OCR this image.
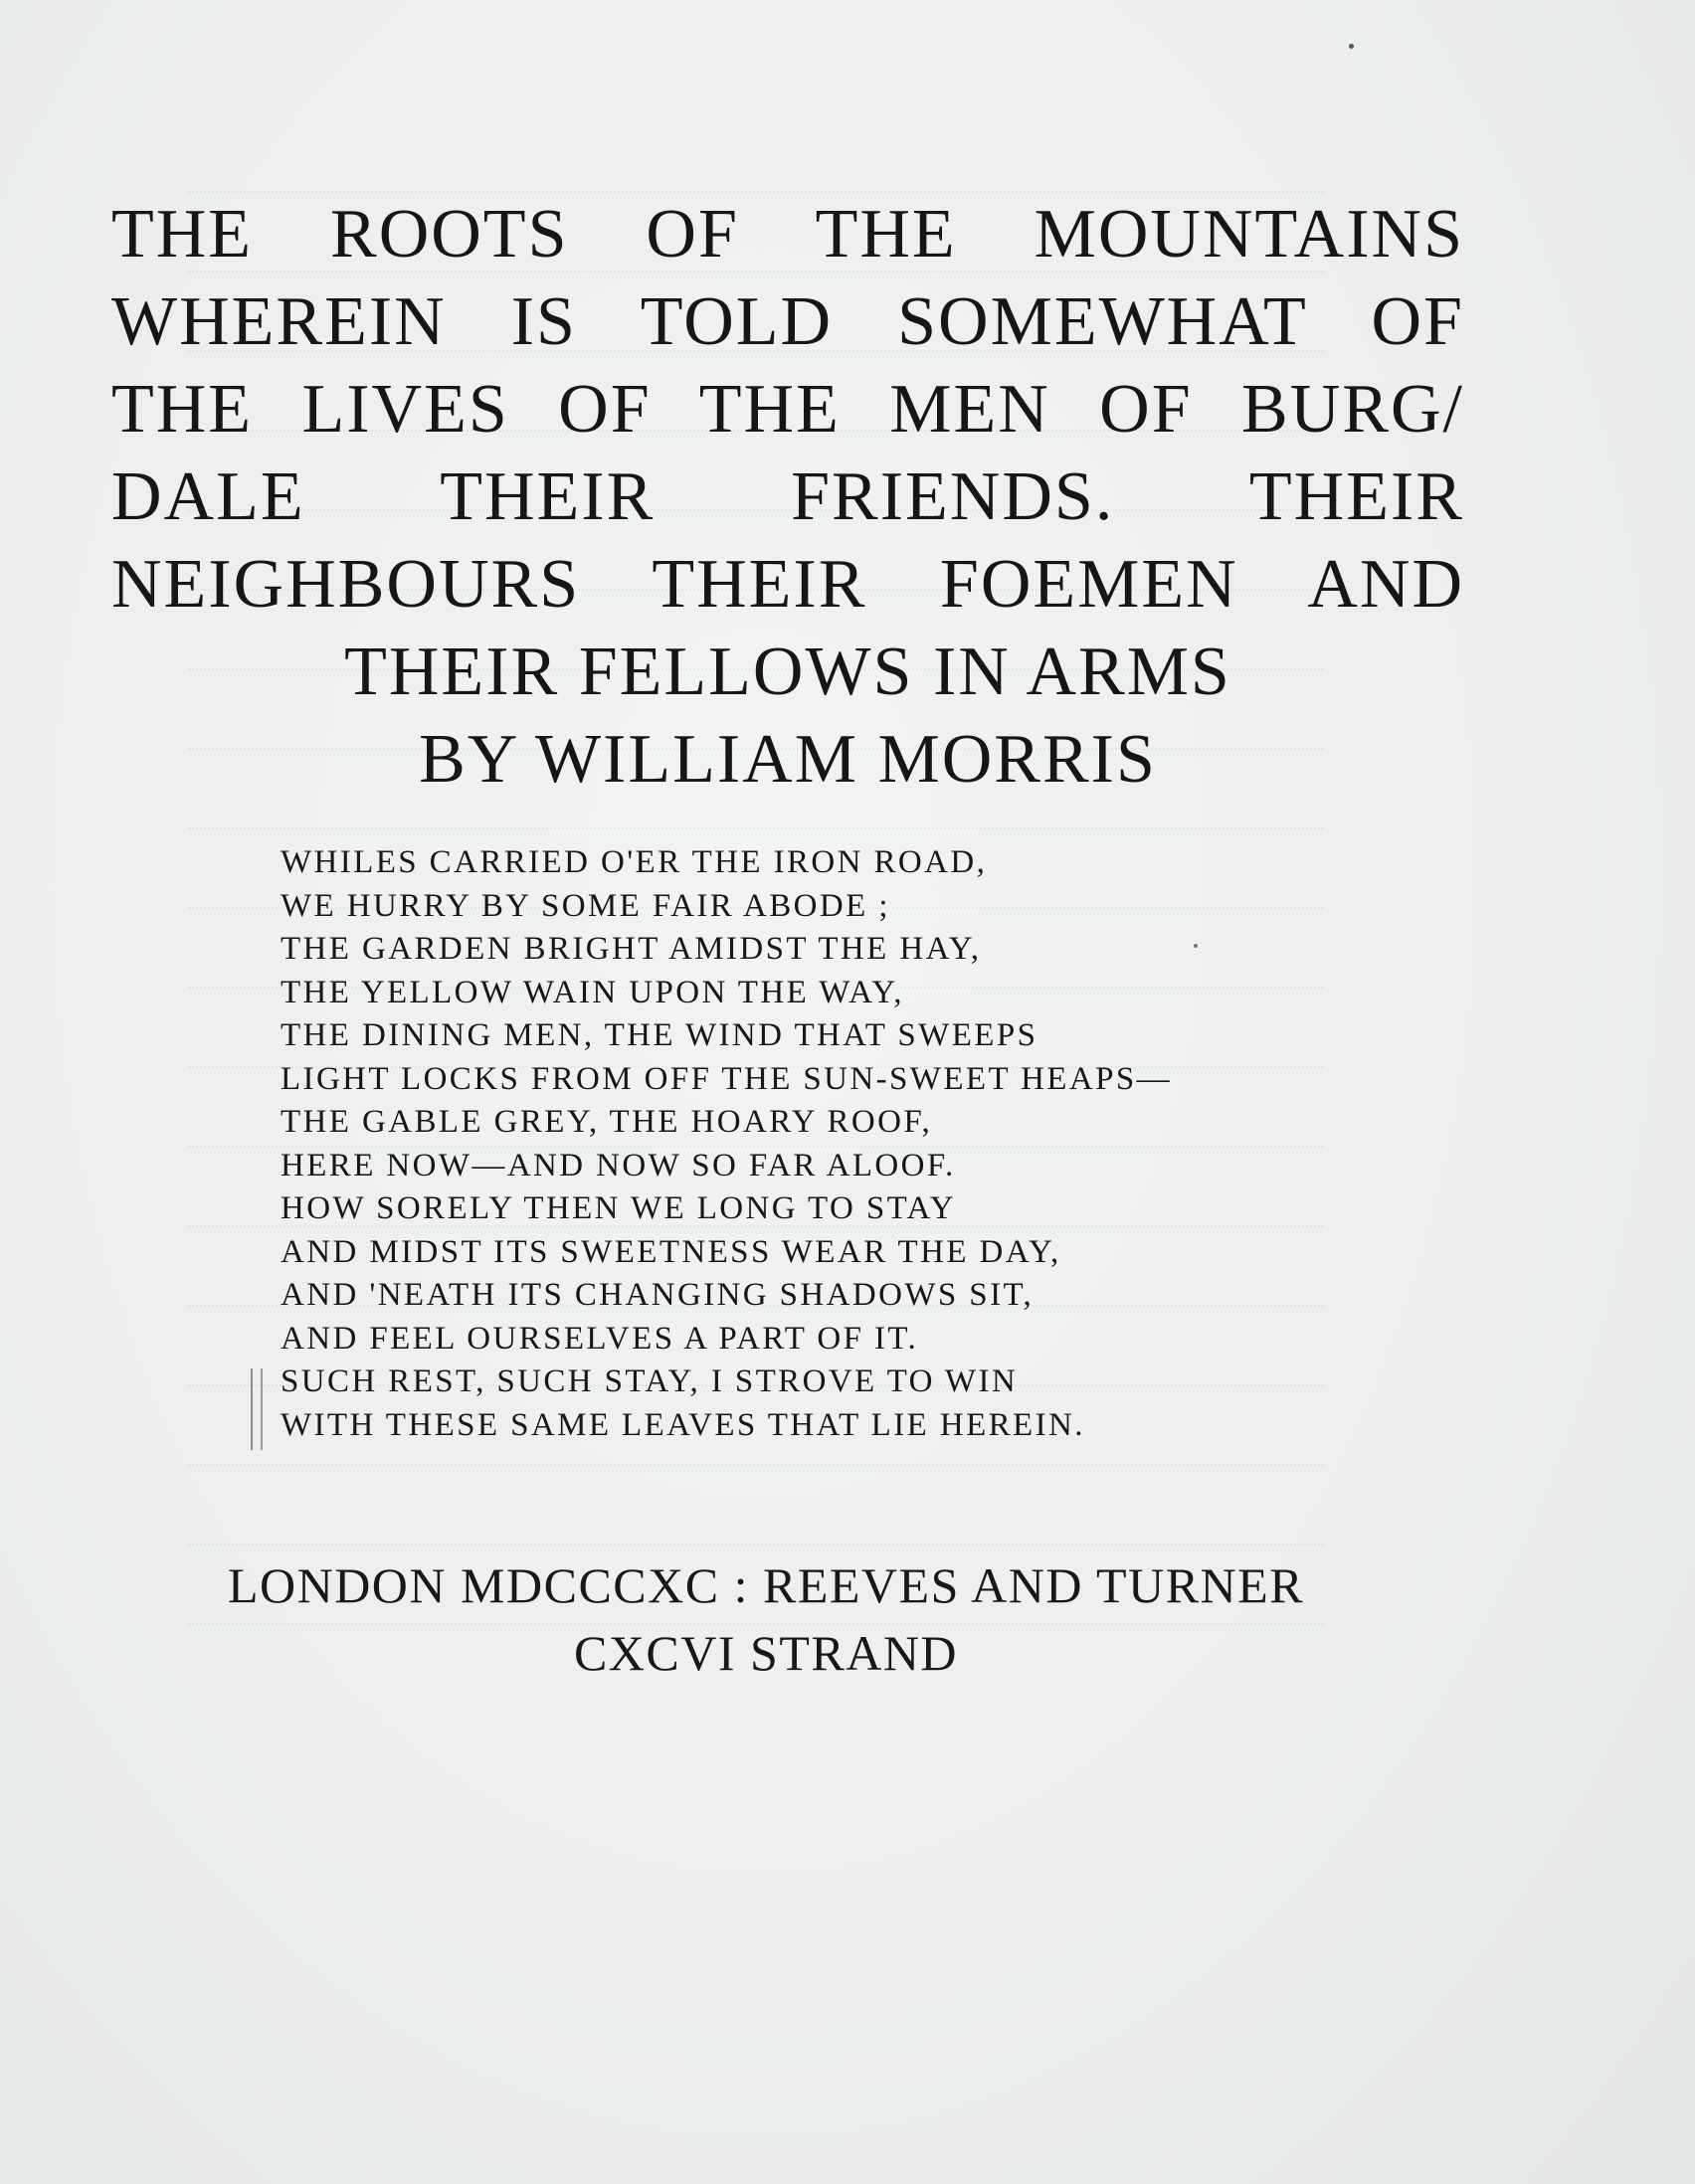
THE ROOTS OF THE MOUNTAINS
WHEREIN IS TOLD SOMEWHAT OF
THE LIVES OF THE MEN OF BURG/
DALE THEIR FRIENDS. THEIR
NEIGHBOURS THEIR FOEMEN AND
THEIR FELLOWS IN ARMS
BY WILLIAM MORRIS
WHILES CARRIED O'ER THE IRON ROAD,
WE HURRY BY SOME FAIR ABODE ;
THE GARDEN BRIGHT AMIDST THE HAY,
THE YELLOW WAIN UPON THE WAY,
THE DINING MEN, THE WIND THAT SWEEPS
LIGHT LOCKS FROM OFF THE SUN-SWEET HEAPS—
THE GABLE GREY, THE HOARY ROOF,
HERE NOW—AND NOW SO FAR ALOOF.
HOW SORELY THEN WE LONG TO STAY
AND MIDST ITS SWEETNESS WEAR THE DAY,
AND 'NEATH ITS CHANGING SHADOWS SIT,
AND FEEL OURSELVES A PART OF IT.
SUCH REST, SUCH STAY, I STROVE TO WIN
WITH THESE SAME LEAVES THAT LIE HEREIN.
LONDON MDCCCXC : REEVES AND TURNER
CXCVI STRAND
